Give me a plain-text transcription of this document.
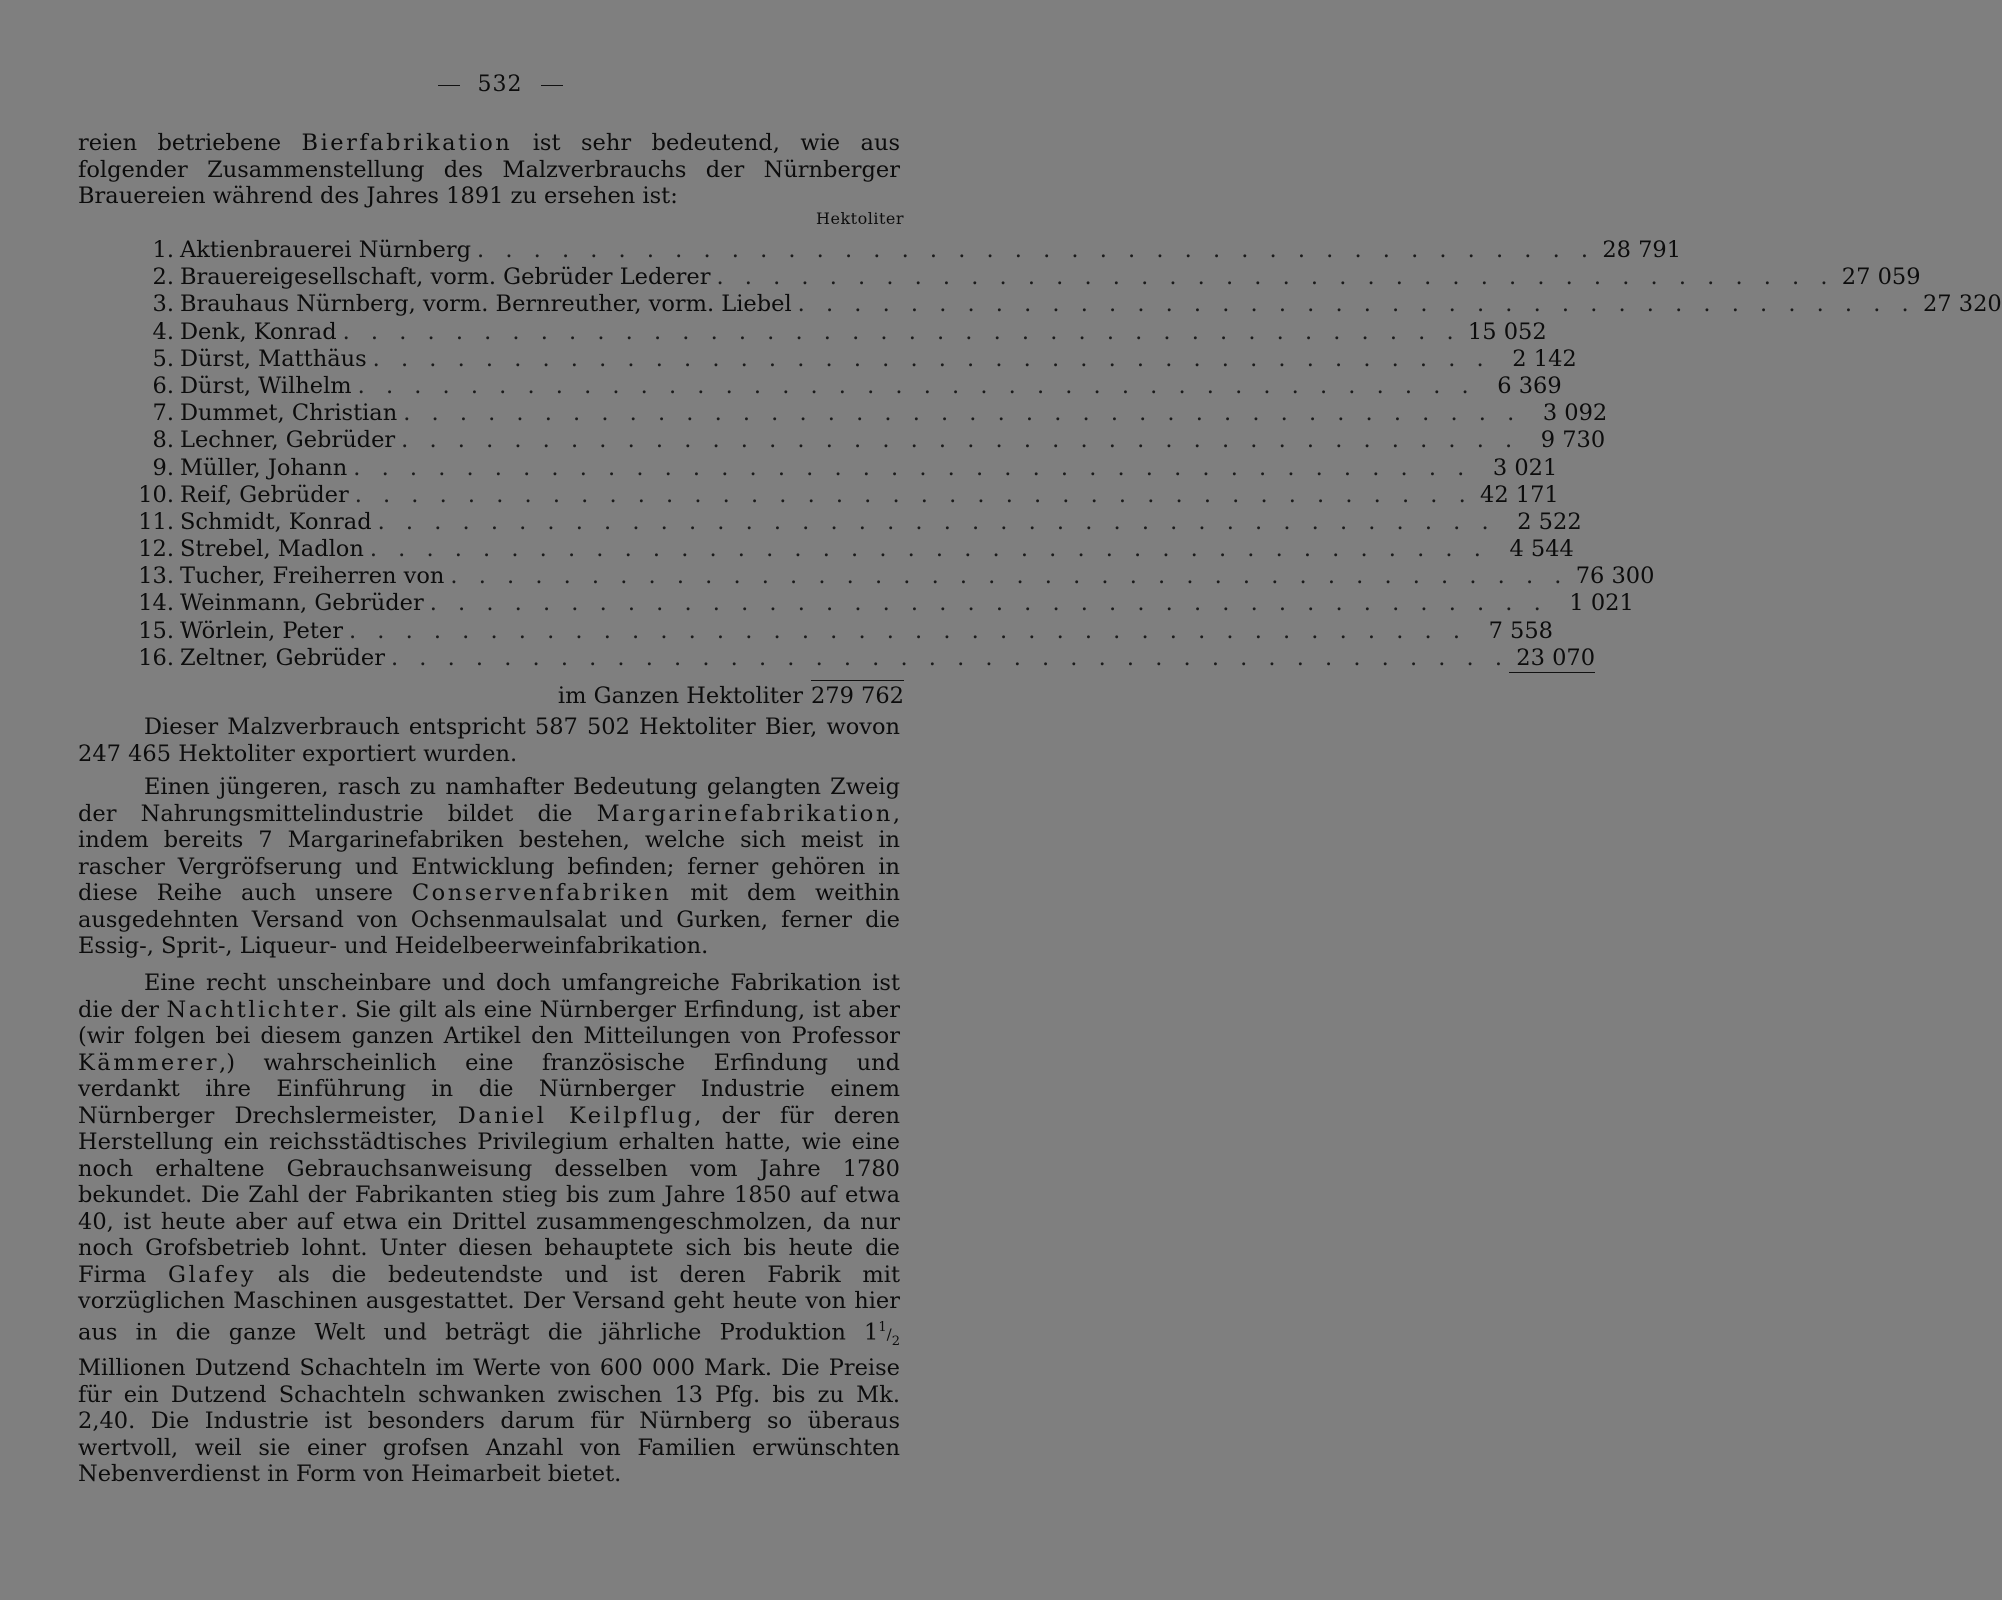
532

reien betriebene Bierfabrikation ist sehr bedeutend, wie aus folgender Zusammenstellung des Malzverbrauchs der Nürnberger Brauereien während des Jahres 1891 zu ersehen ist:

Hektoliter
1. Aktienbrauerei Nürnberg . . . . . . . . . . . . . . . . . . . . . . . . . . . . . . . . . . . . . . . . 28 791
2. Brauereigesellschaft, vorm. Gebrüder Lederer . . . . . . . . . . . . . . . . . . . . . . . . . . . . . . . . . . . . . . . . 27 059
3. Brauhaus Nürnberg, vorm. Bernreuther, vorm. Liebel . . . . . . . . . . . . . . . . . . . . . . . . . . . . . . . . . . . . . . . . 27 320
4. Denk, Konrad . . . . . . . . . . . . . . . . . . . . . . . . . . . . . . . . . . . . . . . . 15 052
5. Dürst, Matthäus . . . . . . . . . . . . . . . . . . . . . . . . . . . . . . . . . . . . . . . . 2 142
6. Dürst, Wilhelm . . . . . . . . . . . . . . . . . . . . . . . . . . . . . . . . . . . . . . . . 6 369
7. Dummet, Christian . . . . . . . . . . . . . . . . . . . . . . . . . . . . . . . . . . . . . . . . 3 092
8. Lechner, Gebrüder . . . . . . . . . . . . . . . . . . . . . . . . . . . . . . . . . . . . . . . . 9 730
9. Müller, Johann . . . . . . . . . . . . . . . . . . . . . . . . . . . . . . . . . . . . . . . . 3 021
10. Reif, Gebrüder . . . . . . . . . . . . . . . . . . . . . . . . . . . . . . . . . . . . . . . . 42 171
11. Schmidt, Konrad . . . . . . . . . . . . . . . . . . . . . . . . . . . . . . . . . . . . . . . . 2 522
12. Strebel, Madlon . . . . . . . . . . . . . . . . . . . . . . . . . . . . . . . . . . . . . . . . 4 544
13. Tucher, Freiherren von . . . . . . . . . . . . . . . . . . . . . . . . . . . . . . . . . . . . . . . . 76 300
14. Weinmann, Gebrüder . . . . . . . . . . . . . . . . . . . . . . . . . . . . . . . . . . . . . . . . 1 021
15. Wörlein, Peter . . . . . . . . . . . . . . . . . . . . . . . . . . . . . . . . . . . . . . . . 7 558
16. Zeltner, Gebrüder . . . . . . . . . . . . . . . . . . . . . . . . . . . . . . . . . . . . . . . . 23 070
im Ganzen Hektoliter 279 762

Dieser Malzverbrauch entspricht 587 502 Hektoliter Bier, wovon 247 465 Hektoliter exportiert wurden.

Einen jüngeren, rasch zu namhafter Bedeutung gelangten Zweig der Nahrungsmittelindustrie bildet die Margarinefabrikation, indem bereits 7 Margarinefabriken bestehen, welche sich meist in rascher Vergröfserung und Entwicklung befinden; ferner gehören in diese Reihe auch unsere Conservenfabriken mit dem weithin ausgedehnten Versand von Ochsenmaulsalat und Gurken, ferner die Essig-, Sprit-, Liqueur- und Heidelbeerweinfabrikation.

Eine recht unscheinbare und doch umfangreiche Fabrikation ist die der Nachtlichter. Sie gilt als eine Nürnberger Erfindung, ist aber (wir folgen bei diesem ganzen Artikel den Mitteilungen von Professor Kämmerer,) wahrscheinlich eine französische Erfindung und verdankt ihre Einführung in die Nürnberger Industrie einem Nürnberger Drechslermeister, Daniel Keilpflug, der für deren Herstellung ein reichsstädtisches Privilegium erhalten hatte, wie eine noch erhaltene Gebrauchsanweisung desselben vom Jahre 1780 bekundet. Die Zahl der Fabrikanten stieg bis zum Jahre 1850 auf etwa 40, ist heute aber auf etwa ein Drittel zusammengeschmolzen, da nur noch Grofsbetrieb lohnt. Unter diesen behauptete sich bis heute die Firma Glafey als die bedeutendste und ist deren Fabrik mit vorzüglichen Maschinen ausgestattet. Der Versand geht heute von hier aus in die ganze Welt und beträgt die jährliche Produktion $1^1/_2$ Millionen Dutzend Schachteln im Werte von 600 000 Mark. Die Preise für ein Dutzend Schachteln schwanken zwischen 13 Pfg. bis zu Mk. 2,40. Die Industrie ist besonders darum für Nürnberg so überaus wertvoll, weil sie einer grofsen Anzahl von Familien erwünschten Nebenverdienst in Form von Heimarbeit bietet.
